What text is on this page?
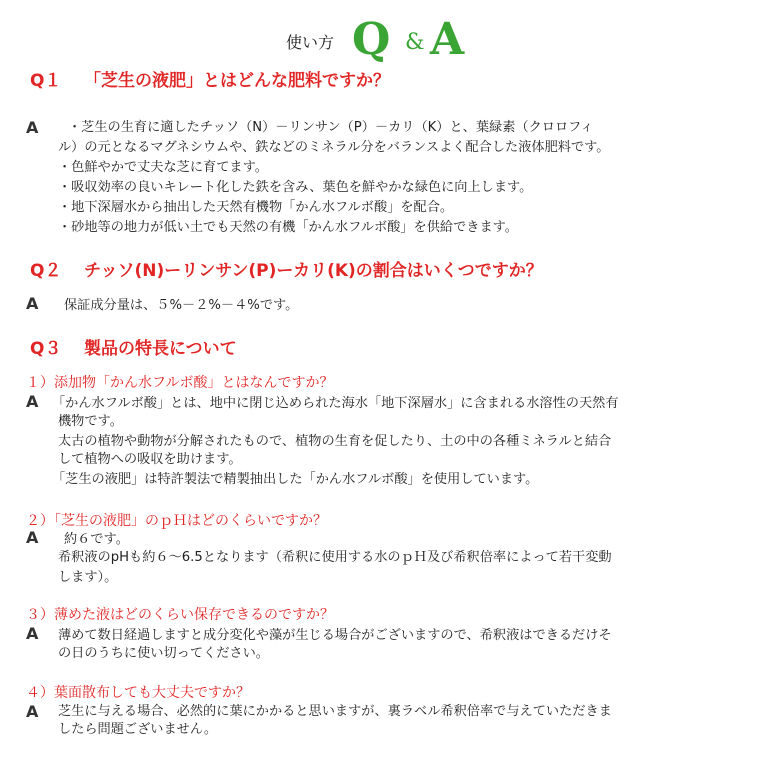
使い方 Q & A
Q１ 「芝生の液肥」とはどんな肥料ですか？
A ・芝生の生育に適したチッソ（N）－リンサン（P）－カリ（K）と、葉緑素（クロロフィ
ル）の元となるマグネシウムや、鉄などのミネラル分をバランスよく配合した液体肥料です。
・色鮮やかで丈夫な芝に育てます。
・吸収効率の良いキレート化した鉄を含み、葉色を鮮やかな緑色に向上します。
・地下深層水から抽出した天然有機物「かん水フルボ酸」を配合。
・砂地等の地力が低い土でも天然の有機「かん水フルボ酸」を供給できます。
Q２ チッソ(N)ーリンサン(P)ーカリ(K)の割合はいくつですか？
A 保証成分量は、５%－２%－４%です。
Q３ 製品の特長について
１）添加物「かん水フルボ酸」とはなんですか？
A 「かん水フルボ酸」とは、地中に閉じ込められた海水「地下深層水」に含まれる水溶性の天然有
機物です。
太古の植物や動物が分解されたもので、植物の生育を促したり、土の中の各種ミネラルと結合
して植物への吸収を助けます。
「芝生の液肥」は特許製法で精製抽出した「かん水フルボ酸」を使用しています。
２）「芝生の液肥」のｐＨはどのくらいですか？
A 約６です。
希釈液のpHも約６～6.5となります（希釈に使用する水のｐＨ及び希釈倍率によって若干変動
します）。
３）薄めた液はどのくらい保存できるのですか？
A 薄めて数日経過しますと成分変化や藻が生じる場合がございますので、希釈液はできるだけそ
の日のうちに使い切ってください。
４）葉面散布しても大丈夫ですか？
A 芝生に与える場合、必然的に葉にかかると思いますが、裏ラベル希釈倍率で与えていただきま
したら問題ございません。
